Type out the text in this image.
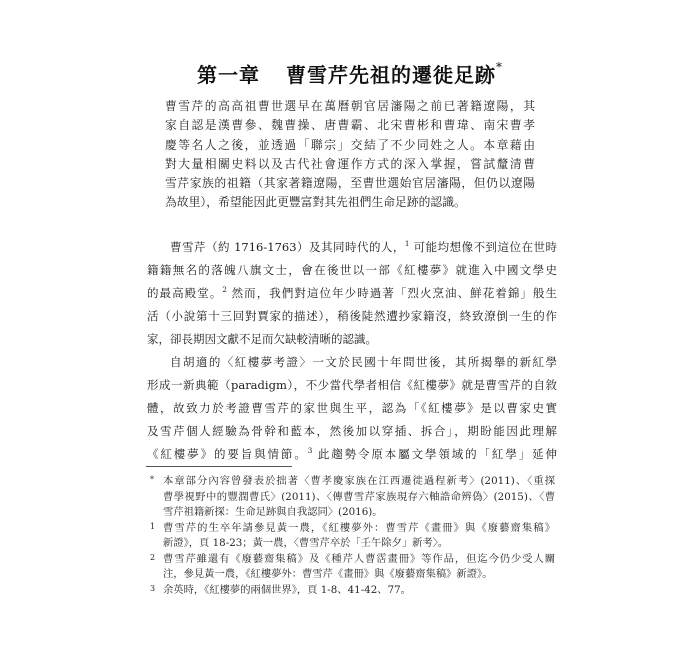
第一章 曹雪芹先祖的遷徙足跡*
曹雪芹的高高祖曹世選早在萬曆朝官居瀋陽之前已著籍遼陽，其
家自認是漢曹參、魏曹操、唐曹霸、北宋曹彬和曹瑋、南宋曹孝
慶等名人之後，並透過「聯宗」交結了不少同姓之人。本章藉由
對大量相關史料以及古代社會運作方式的深入掌握，嘗試釐清曹
雪芹家族的祖籍（其家著籍遼陽，至曹世選始官居瀋陽，但仍以遼陽
為故里），希望能因此更豐富對其先祖們生命足跡的認識。
曹雪芹（約 1716-1763）及其同時代的人，$^1$ 可能均想像不到這位在世時
籍籍無名的落魄八旗文士，會在後世以一部《紅樓夢》就進入中國文學史
的最高殿堂。$^2$ 然而，我們對這位年少時過著「烈火烹油、鮮花着錦」般生
活（小說第十三回對賈家的描述），稍後陡然遭抄家籍沒，終致潦倒一生的作
家，卻長期因文獻不足而欠缺較清晰的認識。
自胡適的〈紅樓夢考證〉一文於民國十年問世後，其所揭舉的新紅學
形成一新典範（paradigm），不少當代學者相信《紅樓夢》就是曹雪芹的自敘
體，故致力於考證曹雪芹的家世與生平，認為「《紅樓夢》是以曹家史實
及雪芹個人經驗為骨幹和藍本，然後加以穿插、拆合」，期盼能因此理解
《紅樓夢》的要旨與情節。$^3$ 此趨勢令原本屬文學領域的「紅學」延伸
* 本章部分內容曾發表於拙著〈曹孝慶家族在江西遷徙過程新考〉(2011)、〈重探
曹學視野中的豐潤曹氏〉(2011)、〈傳曹雪芹家族現存六軸誥命辨偽〉(2015)、〈曹
雪芹祖籍新探：生命足跡與自我認同〉(2016)。
1 曹雪芹的生卒年請參見黃一農，《紅樓夢外：曹雪芹《畫冊》與《廢藝齋集稿》
新證》，頁 18-23；黃一農，〈曹雪芹卒於「壬午除夕」新考〉。
2 曹雪芹雖還有《廢藝齋集稿》及《種芹人曹霑畫冊》等作品，但迄今仍少受人關
注，參見黃一農，《紅樓夢外：曹雪芹《畫冊》與《廢藝齋集稿》新證》。
3 余英時，《紅樓夢的兩個世界》，頁 1-8、41-42、77。
